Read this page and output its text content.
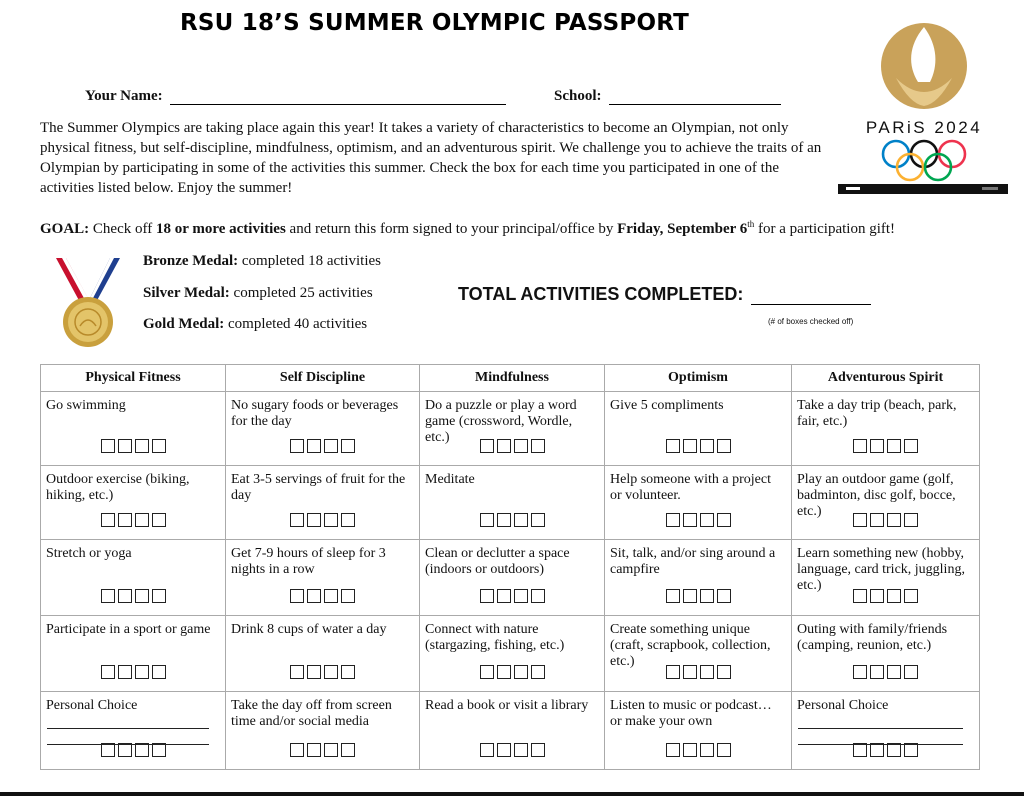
RSU 18’S SUMMER OLYMPIC PASSPORT
Your Name:	School:

The Summer Olympics are taking place again this year! It takes a variety of characteristics to become an Olympian, not only physical fitness, but self-discipline, mindfulness, optimism, and an adventurous spirit. We challenge you to achieve the traits of an Olympian by participating in some of the activities this summer. Check the box for each time you participated in one of the activities listed below. Enjoy the summer!

GOAL: Check off 18 or more activities and return this form signed to your principal/office by Friday, September 6th for a participation gift!

Bronze Medal: completed 18 activities
Silver Medal: completed 25 activities
Gold Medal: completed 40 activities
TOTAL ACTIVITIES COMPLETED:
(# of boxes checked off)
PARiS 2024
Physical Fitness	Self Discipline	Mindfulness	Optimism	Adventurous Spirit

Go swimming	No sugary foods or beverages for the day	Do a puzzle or play a word game (crossword, Wordle, etc.)	Give 5 compliments	Take a day trip (beach, park, fair, etc.)

Outdoor exercise (biking, hiking, etc.)	Eat 3-5 servings of fruit for the day	Meditate	Help someone with a project or volunteer.	Play an outdoor game (golf, badminton, disc golf, bocce, etc.)

Stretch or yoga	Get 7-9 hours of sleep for 3 nights in a row	Clean or declutter a space (indoors or outdoors)	Sit, talk, and/or sing around a campfire	Learn something new (hobby, language, card trick, juggling, etc.)

Participate in a sport or game	Drink 8 cups of water a day	Connect with nature (stargazing, fishing, etc.)	Create something unique (craft, scrapbook, collection, etc.)	Outing with family/friends (camping, reunion, etc.)

Personal Choice	Take the day off from screen time and/or social media	Read a book or visit a library	Listen to music or podcast… or make your own	Personal Choice
